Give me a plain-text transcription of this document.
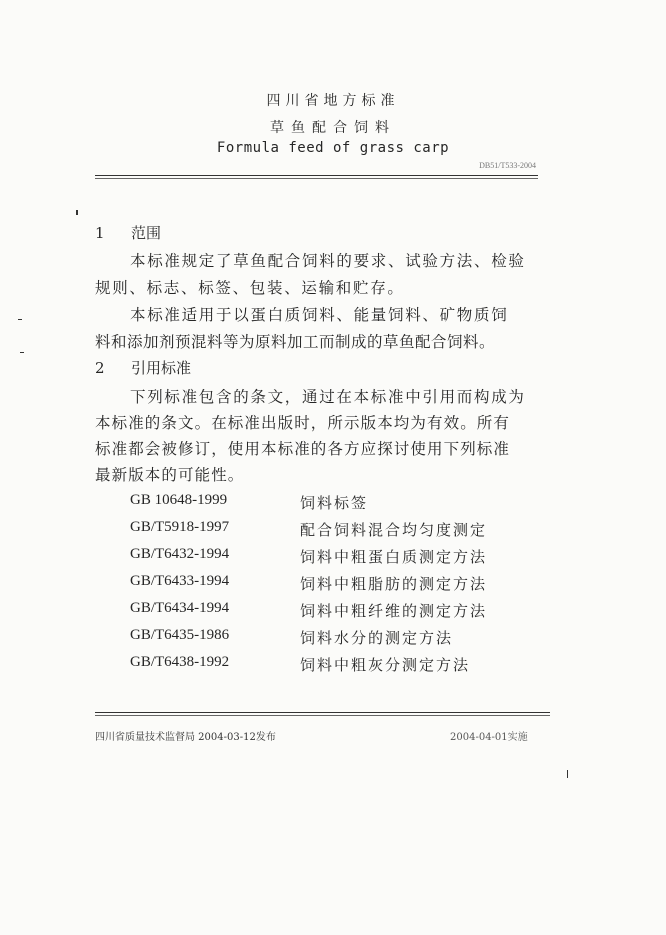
四川省地方标准
草鱼配合饲料
Formula feed of grass carp
DB51/T533-2004
1 范围
本标准规定了草鱼配合饲料的要求、试验方法、检验
规则、标志、标签、包装、运输和贮存。
本标准适用于以蛋白质饲料、能量饲料、矿物质饲
料和添加剂预混料等为原料加工而制成的草鱼配合饲料。
2 引用标准
下列标准包含的条文，通过在本标准中引用而构成为
本标准的条文。在标准出版时，所示版本均为有效。所有
标准都会被修订，使用本标准的各方应探讨使用下列标准
最新版本的可能性。
GB 10648-1999	饲料标签
GB/T5918-1997	配合饲料混合均匀度测定
GB/T6432-1994	饲料中粗蛋白质测定方法
GB/T6433-1994	饲料中粗脂肪的测定方法
GB/T6434-1994	饲料中粗纤维的测定方法
GB/T6435-1986	饲料水分的测定方法
GB/T6438-1992	饲料中粗灰分测定方法
四川省质量技术监督局 2004-03-12发布	2004-04-01实施
